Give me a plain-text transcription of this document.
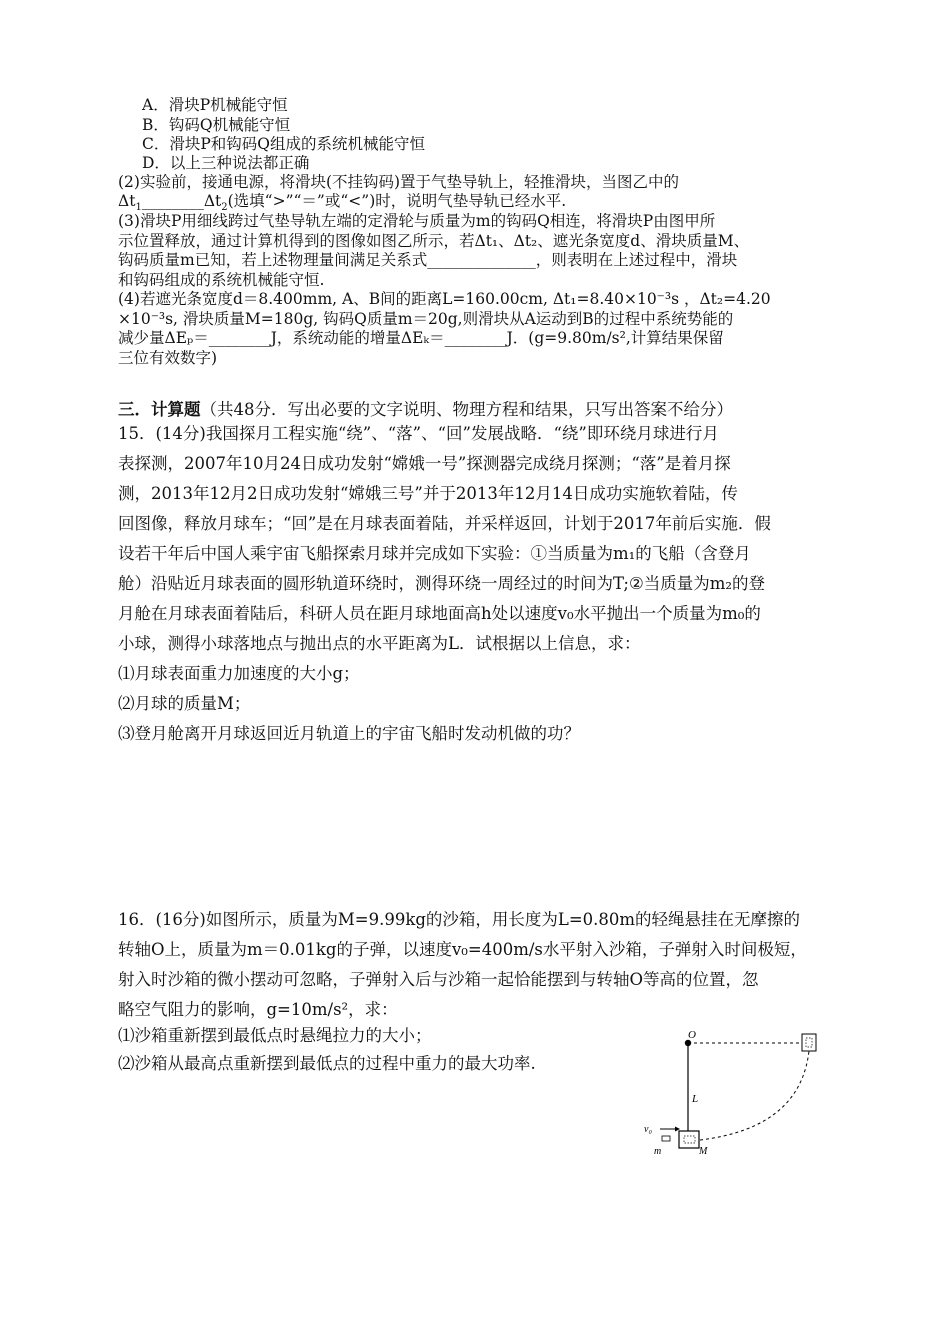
A．滑块P机械能守恒
B．钩码Q机械能守恒
C．滑块P和钩码Q组成的系统机械能守恒
D．以上三种说法都正确
(2)实验前，接通电源，将滑块(不挂钩码)置于气垫导轨上，轻推滑块，当图乙中的
$\Delta t_1\_\_\_\_\_\_\_\_\Delta t_2$(选填“>”“＝”或“<”)时，说明气垫导轨已经水平.
(3)滑块P用细线跨过气垫导轨左端的定滑轮与质量为m的钩码Q相连，将滑块P由图甲所
示位置释放，通过计算机得到的图像如图乙所示，若Δt₁、Δt₂、遮光条宽度d、滑块质量M、
钩码质量m已知，若上述物理量间满足关系式______________，则表明在上述过程中，滑块
和钩码组成的系统机械能守恒.
(4)若遮光条宽度d＝8.400mm, A、B间的距离L=160.00cm, Δt₁=8.40×10⁻³s ，Δt₂=4.20
×10⁻³s, 滑块质量M=180g, 钩码Q质量m＝20g,则滑块从A运动到B的过程中系统势能的
减少量ΔEₚ＝________J，系统动能的增量ΔEₖ＝________J．(g=9.80m/s²,计算结果保留
三位有效数字)
三．计算题（共48分．写出必要的文字说明、物理方程和结果，只写出答案不给分）
15．(14分)我国探月工程实施“绕”、“落”、“回”发展战略．“绕”即环绕月球进行月
表探测，2007年10月24日成功发射“嫦娥一号”探测器完成绕月探测；“落”是着月探
测，2013年12月2日成功发射“嫦娥三号”并于2013年12月14日成功实施软着陆，传
回图像，释放月球车；“回”是在月球表面着陆，并采样返回，计划于2017年前后实施．假
设若干年后中国人乘宇宙飞船探索月球并完成如下实验：①当质量为m₁的飞船（含登月
舱）沿贴近月球表面的圆形轨道环绕时，测得环绕一周经过的时间为T;②当质量为m₂的登
月舱在月球表面着陆后，科研人员在距月球地面高h处以速度v₀水平抛出一个质量为m₀的
小球，测得小球落地点与抛出点的水平距离为L．试根据以上信息，求：
⑴月球表面重力加速度的大小g；
⑵月球的质量M；
⑶登月舱离开月球返回近月轨道上的宇宙飞船时发动机做的功？
16．(16分)如图所示，质量为M=9.99kg的沙箱，用长度为L=0.80m的轻绳悬挂在无摩擦的
转轴O上，质量为m＝0.01kg的子弹，以速度v₀=400m/s水平射入沙箱，子弹射入时间极短，
射入时沙箱的微小摆动可忽略，子弹射入后与沙箱一起恰能摆到与转轴O等高的位置，忽
略空气阻力的影响，g=10m/s²，求：
⑴沙箱重新摆到最低点时悬绳拉力的大小；
⑵沙箱从最高点重新摆到最低点的过程中重力的最大功率.
O
L
v₀
m	M
